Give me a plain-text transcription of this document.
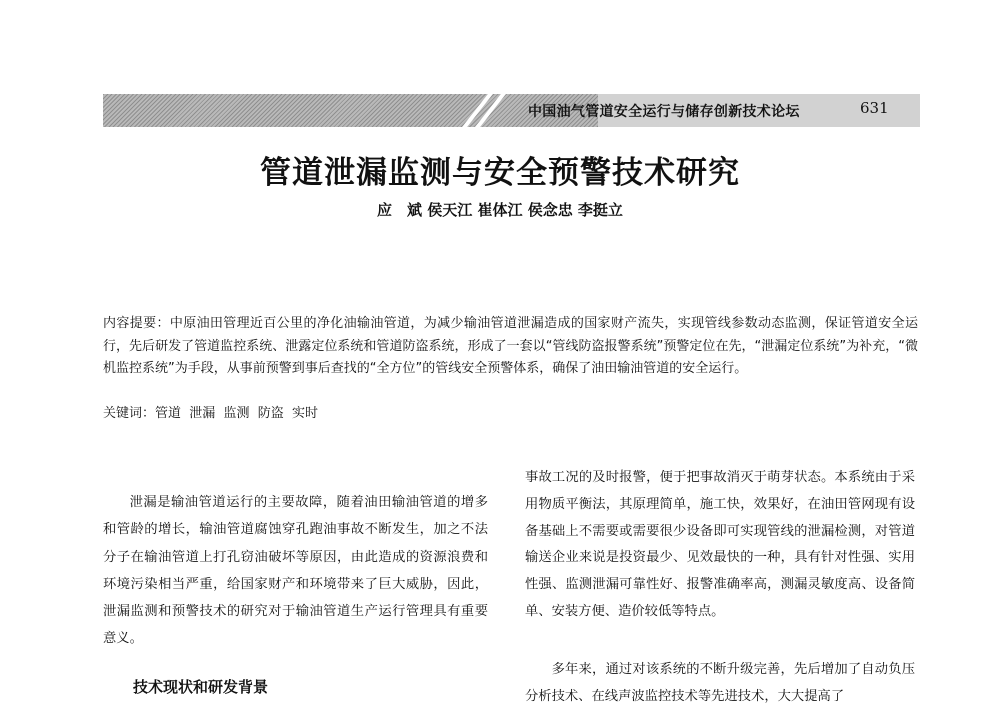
中国油气管道安全运行与储存创新技术论坛	631
管道泄漏监测与安全预警技术研究
应　斌 侯天江 崔体江 侯念忠 李挺立

内容提要：中原油田管理近百公里的净化油输油管道，为减少输油管道泄漏造成的国家财产流失，实现管线参数动态监测，保证管道安全运行，先后研发了管道监控系统、泄露定位系统和管道防盗系统，形成了一套以“管线防盗报警系统”预警定位在先，“泄漏定位系统”为补充，“微机监控系统”为手段，从事前预警到事后查找的“全方位”的管线安全预警体系，确保了油田输油管道的安全运行。

关键词：管道  泄漏  监测  防盗  实时

泄漏是输油管道运行的主要故障，随着油田输油管道的增多和管龄的增长，输油管道腐蚀穿孔跑油事故不断发生，加之不法分子在输油管道上打孔窃油破坏等原因，由此造成的资源浪费和环境污染相当严重，给国家财产和环境带来了巨大威胁，因此，泄漏监测和预警技术的研究对于输油管道生产运行管理具有重要意义。

技术现状和研发背景

事故工况的及时报警，便于把事故消灭于萌芽状态。本系统由于采用物质平衡法，其原理简单，施工快，效果好，在油田管网现有设备基础上不需要或需要很少设备即可实现管线的泄漏检测，对管道输送企业来说是投资最少、见效最快的一种，具有针对性强、实用性强、监测泄漏可靠性好、报警准确率高，测漏灵敏度高、设备简单、安装方便、造价较低等特点。

多年来，通过对该系统的不断升级完善，先后增加了自动负压分析技术、在线声波监控技术等先进技术，大大提高了
